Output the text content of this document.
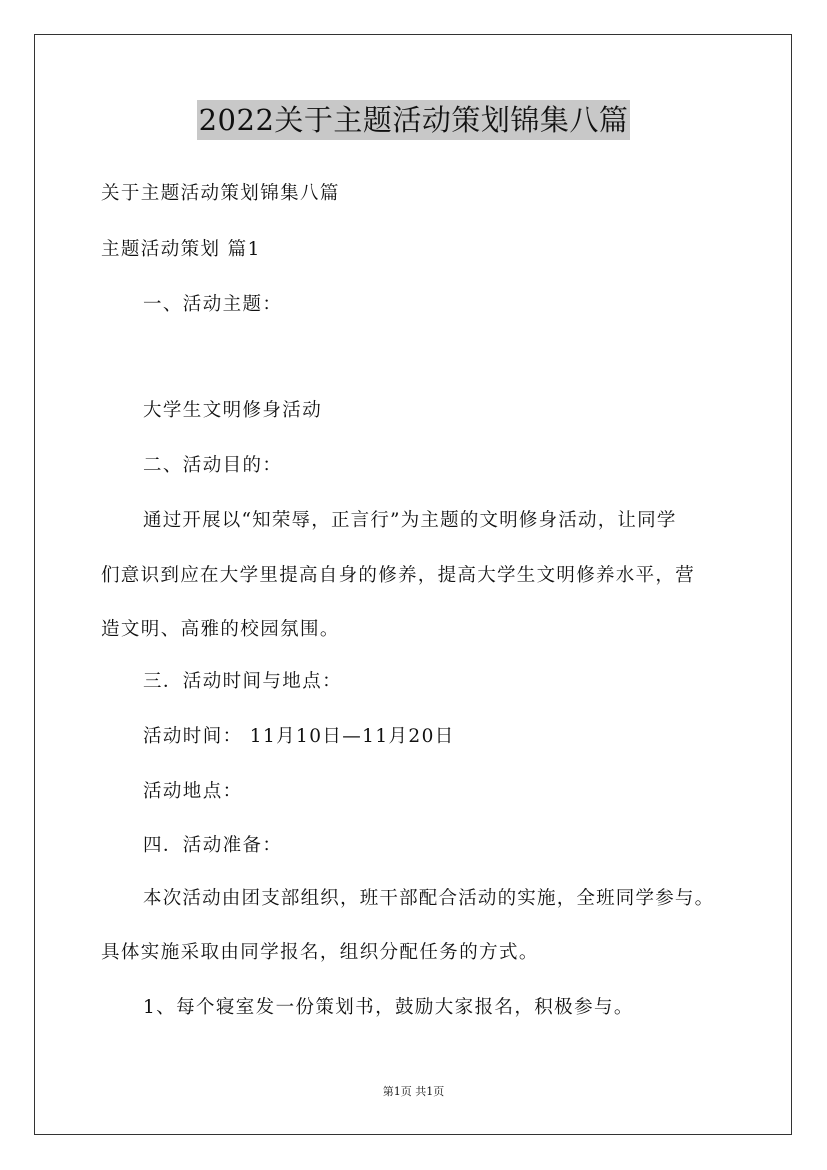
2022关于主题活动策划锦集八篇
关于主题活动策划锦集八篇
主题活动策划 篇1
一、活动主题：
大学生文明修身活动
二、活动目的：
通过开展以“知荣辱，正言行”为主题的文明修身活动，让同学
们意识到应在大学里提高自身的修养，提高大学生文明修养水平，营
造文明、高雅的校园氛围。
三．活动时间与地点：
活动时间： 11月10日—11月20日
活动地点：
四．活动准备：
本次活动由团支部组织，班干部配合活动的实施，全班同学参与。
具体实施采取由同学报名，组织分配任务的方式。
1、每个寝室发一份策划书，鼓励大家报名，积极参与。
第1页 共1页
